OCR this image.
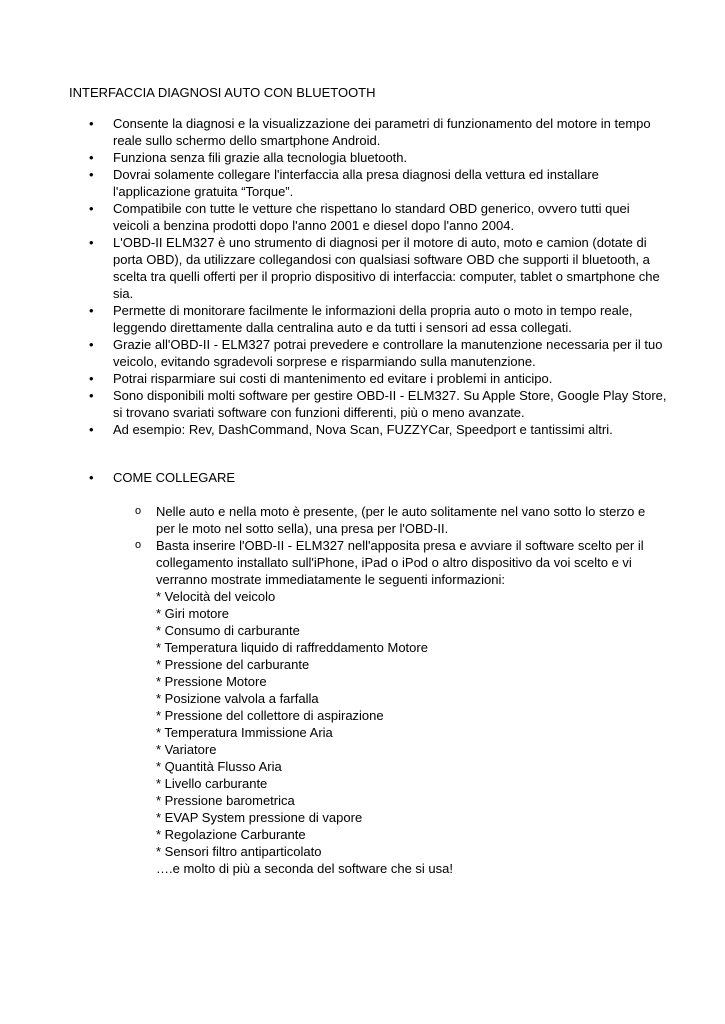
INTERFACCIA DIAGNOSI AUTO CON BLUETOOTH
• Consente la diagnosi e la visualizzazione dei parametri di funzionamento del motore in tempo reale sullo schermo dello smartphone Android.
• Funziona senza fili grazie alla tecnologia bluetooth.
• Dovrai solamente collegare l'interfaccia alla presa diagnosi della vettura ed installare l'applicazione gratuita “Torque”.
• Compatibile con tutte le vetture che rispettano lo standard OBD generico, ovvero tutti quei veicoli a benzina prodotti dopo l'anno 2001 e diesel dopo l'anno 2004.
• L'OBD-II ELM327 è uno strumento di diagnosi per il motore di auto, moto e camion (dotate di porta OBD), da utilizzare collegandosi con qualsiasi software OBD che supporti il bluetooth, a scelta tra quelli offerti per il proprio dispositivo di interfaccia: computer, tablet o smartphone che sia.
• Permette di monitorare facilmente le informazioni della propria auto o moto in tempo reale, leggendo direttamente dalla centralina auto e da tutti i sensori ad essa collegati.
• Grazie all'OBD-II - ELM327 potrai prevedere e controllare la manutenzione necessaria per il tuo veicolo, evitando sgradevoli sorprese e risparmiando sulla manutenzione.
• Potrai risparmiare sui costi di mantenimento ed evitare i problemi in anticipo.
• Sono disponibili molti software per gestire OBD-II - ELM327. Su Apple Store, Google Play Store, si trovano svariati software con funzioni differenti, più o meno avanzate.
• Ad esempio: Rev, DashCommand, Nova Scan, FUZZYCar, Speedport e tantissimi altri.
• COME COLLEGARE
o Nelle auto e nella moto è presente, (per le auto solitamente nel vano sotto lo sterzo e per le moto nel sotto sella), una presa per l'OBD-II.
o Basta inserire l'OBD-II - ELM327 nell'apposita presa e avviare il software scelto per il collegamento installato sull'iPhone, iPad o iPod o altro dispositivo da voi scelto e vi verranno mostrate immediatamente le seguenti informazioni:
* Velocità del veicolo
* Giri motore
* Consumo di carburante
* Temperatura liquido di raffreddamento Motore
* Pressione del carburante
* Pressione Motore
* Posizione valvola a farfalla
* Pressione del collettore di aspirazione
* Temperatura Immissione Aria
* Variatore
* Quantità Flusso Aria
* Livello carburante
* Pressione barometrica
* EVAP System pressione di vapore
* Regolazione Carburante
* Sensori filtro antiparticolato
….e molto di più a seconda del software che si usa!
